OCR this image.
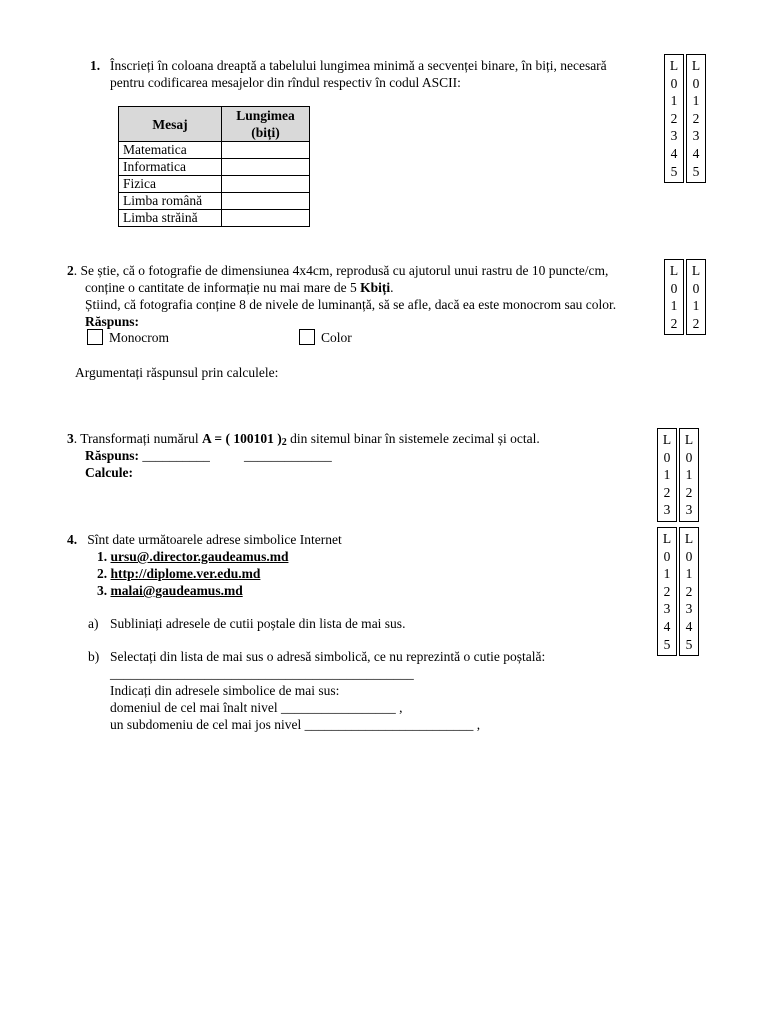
1. Înscrieți în coloana dreaptă a tabelului lungimea minimă a secvenței binare, în biți, necesară
pentru codificarea mesajelor din rîndul respectiv în codul ASCII:
Mesaj	Lungimea
(biți)
Matematica	
Informatica	
Fizica	
Limba română	
Limba străină	
L
0
1
2
3
4
5
L
0
1
2
3
4
5
2. Se știe, că o fotografie de dimensiunea 4x4cm, reprodusă cu ajutorul unui rastru de 10 puncte/cm,
conține o cantitate de informație nu mai mare de 5 Kbiți.
Știind, că fotografia conține 8 de nivele de luminanță, să se afle, dacă ea este monocrom sau color.
Răspuns:
Monocrom	Color
Argumentați răspunsul prin calculele:
L
0
1
2
L
0
1
2
3. Transformați numărul A = ( 100101 )2 din sitemul binar în sistemele zecimal și octal.
Răspuns: __________	_____________
Calcule:
L
0
1
2
3
L
0
1
2
3
4. Sînt date următoarele adrese simbolice Internet
1. ursu@.director.gaudeamus.md
2. http://diplome.ver.edu.md
3. malai@gaudeamus.md
a) Subliniați adresele de cutii poștale din lista de mai sus.
b) Selectați din lista de mai sus o adresă simbolică, ce nu reprezintă o cutie poștală:
_____________________________________________
Indicați din adresele simbolice de mai sus:
domeniul de cel mai înalt nivel _________________ ,
un subdomeniu de cel mai jos nivel _________________________ ,
L
0
1
2
3
4
5
L
0
1
2
3
4
5
